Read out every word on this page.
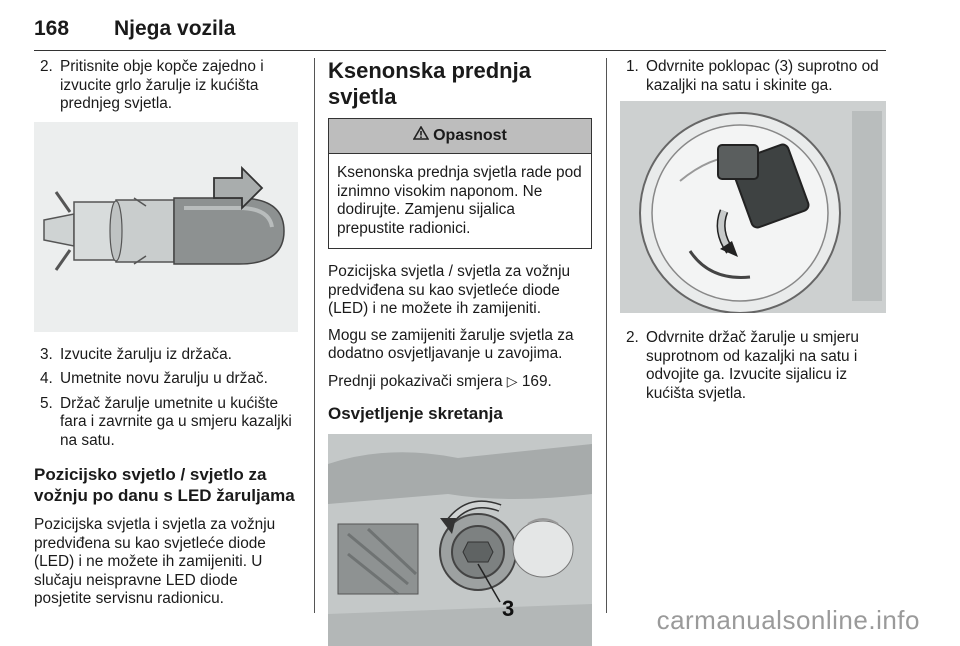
168 Njega vozila
2. Pritisnite obje kopče zajedno i izvucite grlo žarulje iz kućišta prednjeg svjetla.
3. Izvucite žarulju iz držača.
4. Umetnite novu žarulju u držač.
5. Držač žarulje umetnite u kućište fara i zavrnite ga u smjeru kazaljki na satu.
Pozicijsko svjetlo / svjetlo za vožnju po danu s LED žaruljama
Pozicijska svjetla i svjetla za vožnju predviđena su kao svjetleće diode (LED) i ne možete ih zamijeniti. U slučaju neispravne LED diode posjetite servisnu radionicu.
Ksenonska prednja svjetla
Opasnost
Ksenonska prednja svjetla rade pod iznimno visokim naponom. Ne dodirujte. Zamjenu sijalica prepustite radionici.
Pozicijska svjetla / svjetla za vožnju predviđena su kao svjetleće diode (LED) i ne možete ih zamijeniti.
Mogu se zamijeniti žarulje svjetla za dodatno osvjetljavanje u zavojima.
Prednji pokazivači smjera ▷ 169.
Osvjetljenje skretanja
3
1. Odvrnite poklopac (3) suprotno od kazaljki na satu i skinite ga.
2. Odvrnite držač žarulje u smjeru suprotnom od kazaljki na satu i odvojite ga. Izvucite sijalicu iz kućišta svjetla.
carmanualsonline.info
